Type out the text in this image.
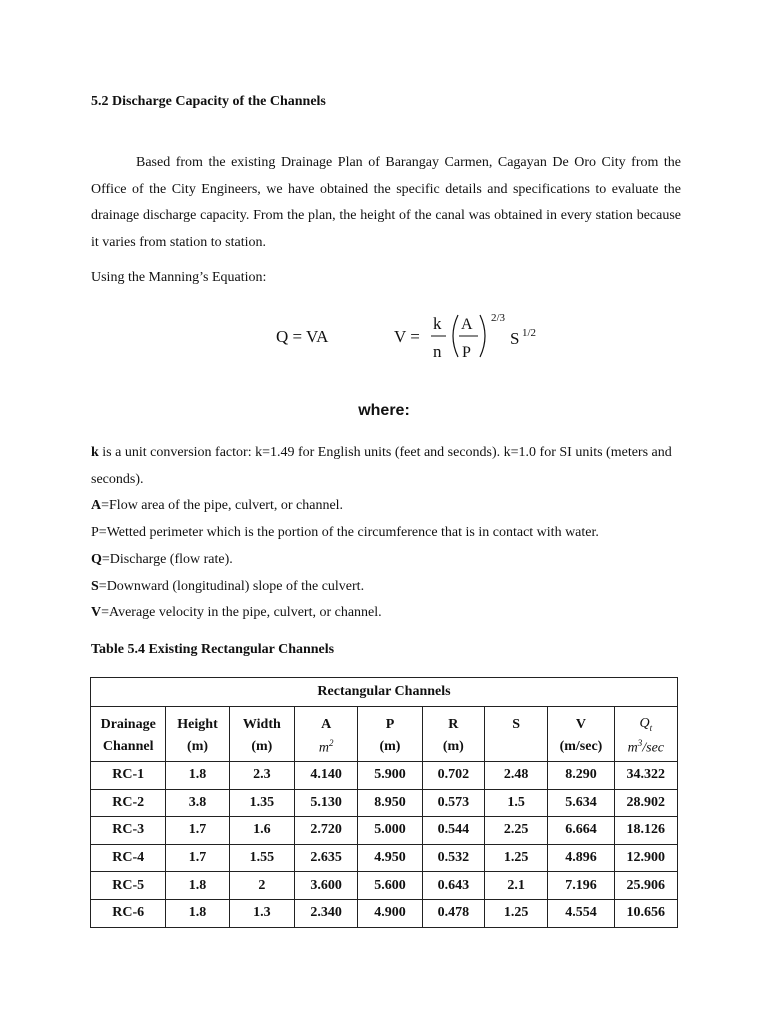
5.2 Discharge Capacity of the Channels
Based from the existing Drainage Plan of Barangay Carmen, Cagayan De Oro City from the Office of the City Engineers, we have obtained the specific details and specifications to evaluate the drainage discharge capacity. From the plan, the height of the canal was obtained in every station because it varies from station to station.
Using the Manning’s Equation:
Q = VA	V =
k
n
A
P
2/3
S 1/2
where:
k is a unit conversion factor: k=1.49 for English units (feet and seconds). k=1.0 for SI units (meters and seconds).
A=Flow area of the pipe, culvert, or channel.
P=Wetted perimeter which is the portion of the circumference that is in contact with water.
Q=Discharge (flow rate).
S=Downward (longitudinal) slope of the culvert.
V=Average velocity in the pipe, culvert, or channel.
Table 5.4 Existing Rectangular Channels
Rectangular Channels								
Drainage	Height	Width	A	P	R	S	V	$Q_t$
Channel	(m)	(m)	$m^2$	(m)	(m)		(m/sec)	$m^3/\sec$
RC-1	1.8	2.3	4.140	5.900	0.702	2.48	8.290	34.322
RC-2	3.8	1.35	5.130	8.950	0.573	1.5	5.634	28.902
RC-3	1.7	1.6	2.720	5.000	0.544	2.25	6.664	18.126
RC-4	1.7	1.55	2.635	4.950	0.532	1.25	4.896	12.900
RC-5	1.8	2	3.600	5.600	0.643	2.1	7.196	25.906
RC-6	1.8	1.3	2.340	4.900	0.478	1.25	4.554	10.656
